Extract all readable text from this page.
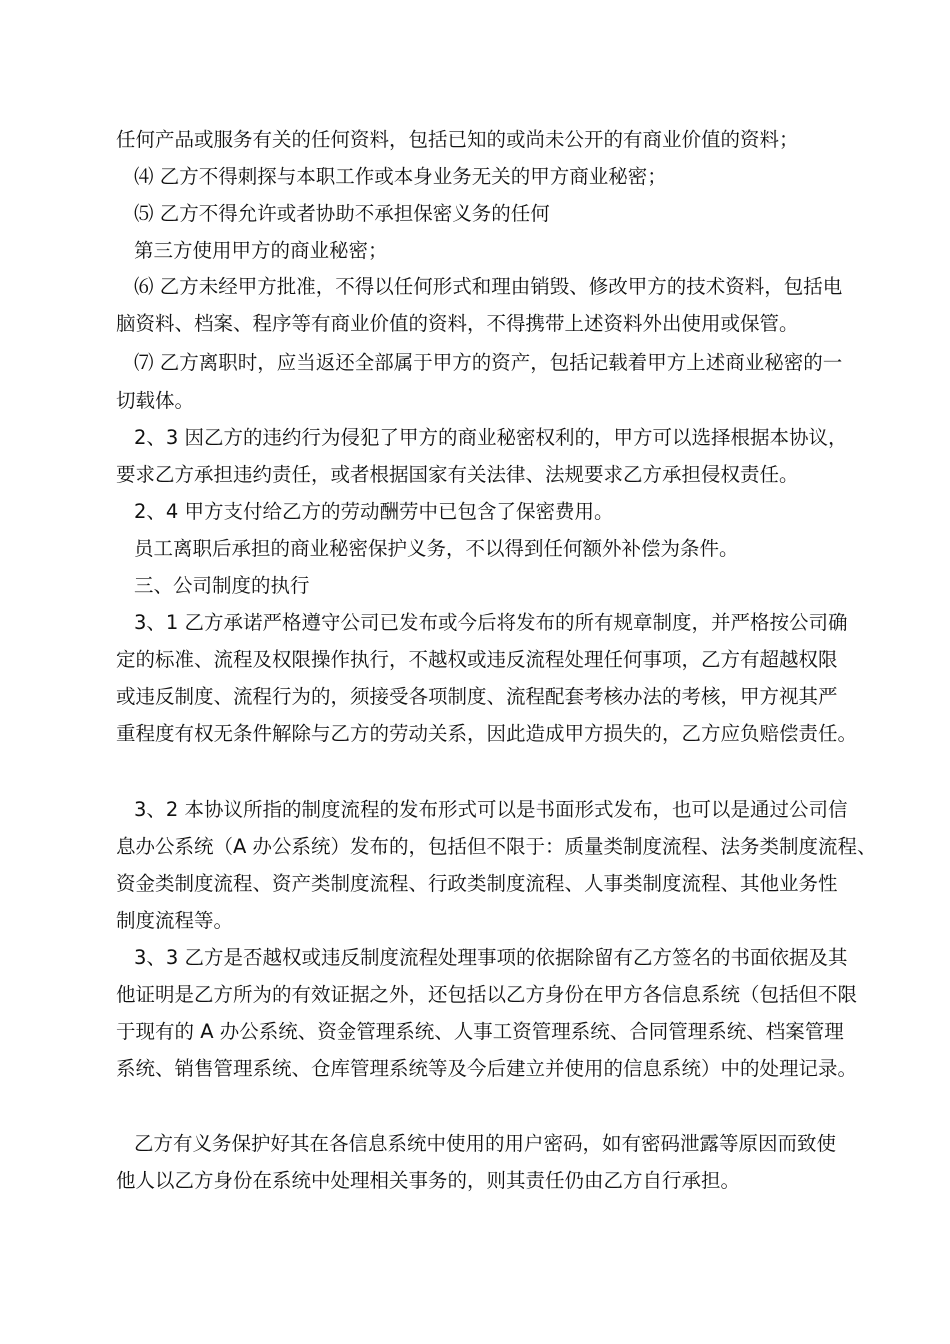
任何产品或服务有关的任何资料，包括已知的或尚未公开的有商业价值的资料；
⑷ 乙方不得刺探与本职工作或本身业务无关的甲方商业秘密；
⑸ 乙方不得允许或者协助不承担保密义务的任何
第三方使用甲方的商业秘密；
⑹ 乙方未经甲方批准，不得以任何形式和理由销毁、修改甲方的技术资料，包括电
脑资料、档案、程序等有商业价值的资料，不得携带上述资料外出使用或保管。
⑺ 乙方离职时，应当返还全部属于甲方的资产，包括记载着甲方上述商业秘密的一
切载体。
2、3 因乙方的违约行为侵犯了甲方的商业秘密权利的，甲方可以选择根据本协议，
要求乙方承担违约责任，或者根据国家有关法律、法规要求乙方承担侵权责任。
2、4 甲方支付给乙方的劳动酬劳中已包含了保密费用。
员工离职后承担的商业秘密保护义务，不以得到任何额外补偿为条件。
三、公司制度的执行
3、1 乙方承诺严格遵守公司已发布或今后将发布的所有规章制度，并严格按公司确
定的标准、流程及权限操作执行，不越权或违反流程处理任何事项，乙方有超越权限
或违反制度、流程行为的，须接受各项制度、流程配套考核办法的考核，甲方视其严
重程度有权无条件解除与乙方的劳动关系，因此造成甲方损失的，乙方应负赔偿责任。
3、2 本协议所指的制度流程的发布形式可以是书面形式发布，也可以是通过公司信
息办公系统（A 办公系统）发布的，包括但不限于：质量类制度流程、法务类制度流程、
资金类制度流程、资产类制度流程、行政类制度流程、人事类制度流程、其他业务性
制度流程等。
3、3 乙方是否越权或违反制度流程处理事项的依据除留有乙方签名的书面依据及其
他证明是乙方所为的有效证据之外，还包括以乙方身份在甲方各信息系统（包括但不限
于现有的 A 办公系统、资金管理系统、人事工资管理系统、合同管理系统、档案管理
系统、销售管理系统、仓库管理系统等及今后建立并使用的信息系统）中的处理记录。
乙方有义务保护好其在各信息系统中使用的用户密码，如有密码泄露等原因而致使
他人以乙方身份在系统中处理相关事务的，则其责任仍由乙方自行承担。
